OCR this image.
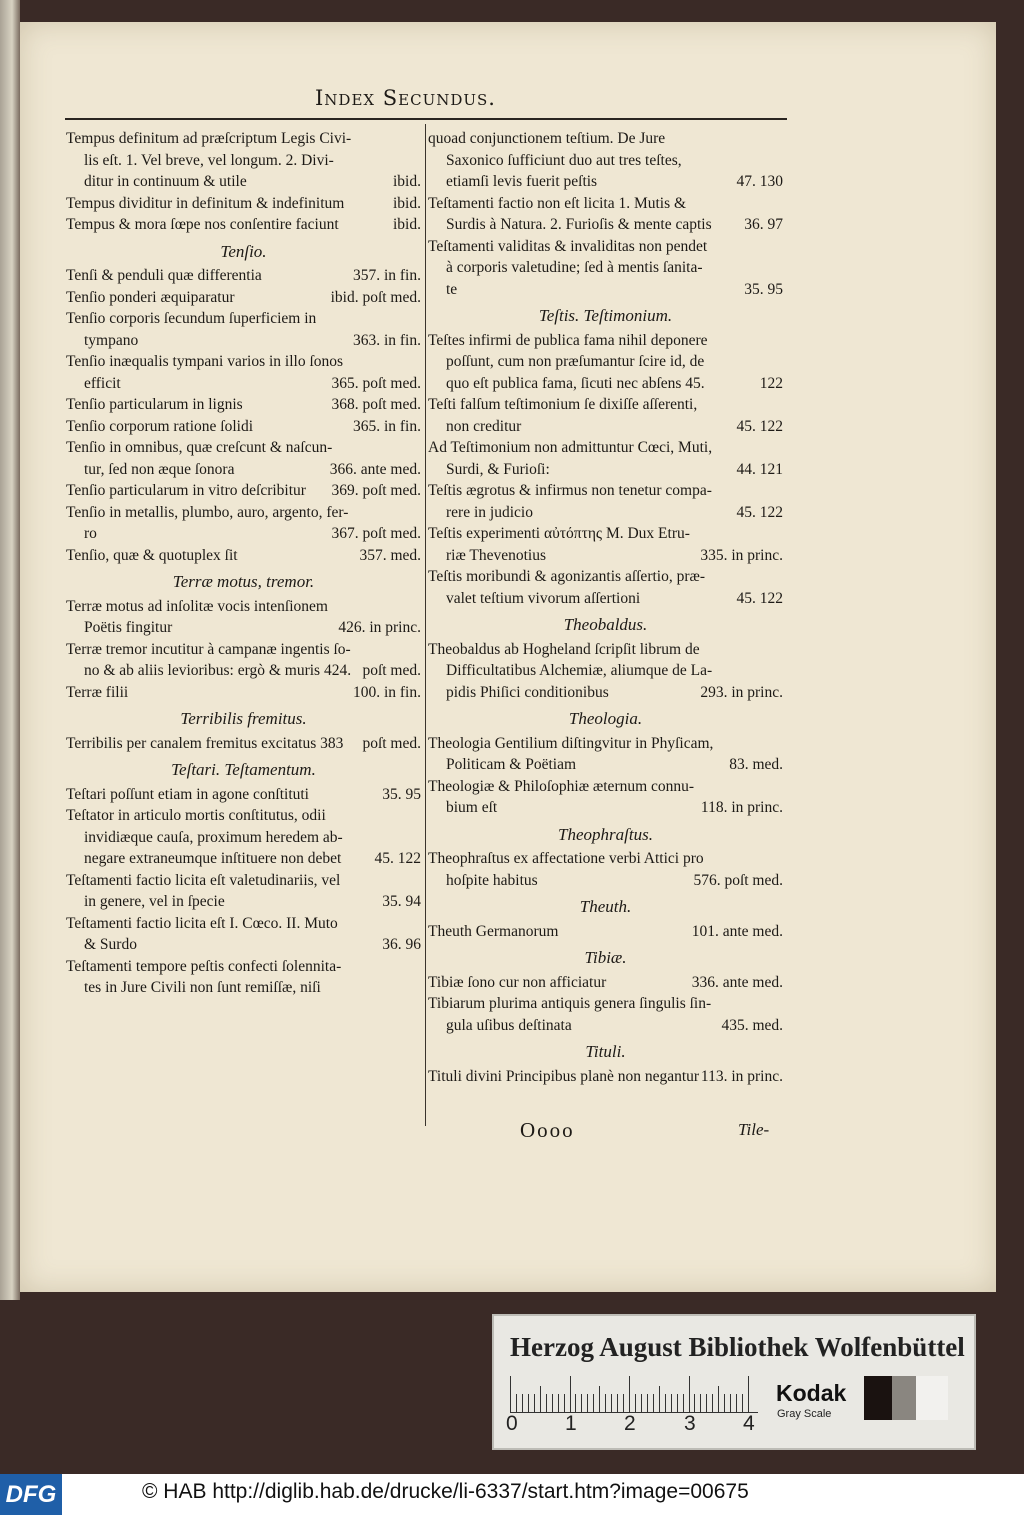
Index Secundus.
Tempus definitum ad præſcriptum Legis Civi-
lis eſt. 1. Vel breve, vel longum. 2. Divi-
ditur in continuum & utile	ibid.
Tempus dividitur in definitum & indefinitum	ibid.
Tempus & mora ſœpe nos conſentire faciunt	ibid.
Tenſio.
Tenſi & penduli quæ differentia	357. in fin.
Tenſio ponderi æquiparatur	ibid. poſt med.
Tenſio corporis ſecundum ſuperficiem in
tympano	363. in fin.
Tenſio inæqualis tympani varios in illo ſonos
efficit	365. poſt med.
Tenſio particularum in lignis	368. poſt med.
Tenſio corporum ratione ſolidi	365. in fin.
Tenſio in omnibus, quæ creſcunt & naſcun-
tur, ſed non æque ſonora	366. ante med.
Tenſio particularum in vitro deſcribitur 369. poſt med.
Tenſio in metallis, plumbo, auro, argento, fer-
ro	367. poſt med.
Tenſio, quæ & quotuplex ſit	357. med.
Terræ motus, tremor.
Terræ motus ad inſolitæ vocis intenſionem
Poëtis fingitur	426. in princ.
Terræ tremor incutitur à campanæ ingentis ſo-
no & ab aliis levioribus: ergò & muris 424. poſt med.
Terræ filii	100. in fin.
Terribilis fremitus.
Terribilis per canalem fremitus excitatus 383 poſt med.
Teſtari. Teſtamentum.
Teſtari poſſunt etiam in agone conſtituti	35. 95
Teſtator in articulo mortis conſtitutus, odii
invidiæque cauſa, proximum heredem ab-
negare extraneumque inſtituere non debet 45. 122
Teſtamenti factio licita eſt valetudinariis, vel
in genere, vel in ſpecie	35. 94
Teſtamenti factio licita eſt I. Cœco. II. Muto
& Surdo	36. 96
Teſtamenti tempore peſtis confecti ſolennita-
tes in Jure Civili non ſunt remiſſæ, niſi
quoad conjunctionem teſtium. De Jure
Saxonico ſufficiunt duo aut tres teſtes,
etiamſi levis fuerit peſtis	47. 130
Teſtamenti factio non eſt licita 1. Mutis &
Surdis à Natura. 2. Furioſis & mente captis 36. 97
Teſtamenti validitas & invaliditas non pendet
à corporis valetudine; ſed à mentis ſanita-
te	35. 95
Teſtis. Teſtimonium.
Teſtes infirmi de publica fama nihil deponere
poſſunt, cum non præſumantur ſcire id, de
quo eſt publica fama, ſicuti nec abſens 45.	122
Teſti falſum teſtimonium ſe dixiſſe aſſerenti,
non creditur	45. 122
Ad Teſtimonium non admittuntur Cœci, Muti,
Surdi, & Furioſi:	44. 121
Teſtis ægrotus & infirmus non tenetur compa-
rere in judicio	45. 122
Teſtis experimenti αὐτόπτης M. Dux Etru-
riæ Thevenotius	335. in princ.
Teſtis moribundi & agonizantis aſſertio, præ-
valet teſtium vivorum aſſertioni	45. 122
Theobaldus.
Theobaldus ab Hogheland ſcripſit librum de
Difficultatibus Alchemiæ, aliumque de La-
pidis Phiſici conditionibus	293. in princ.
Theologia.
Theologia Gentilium diſtingvitur in Phyſicam,
Politicam & Poëtiam	83. med.
Theologiæ & Philoſophiæ æternum connu-
bium eſt	118. in princ.
Theophraſtus.
Theophraſtus ex affectatione verbi Attici pro
hoſpite habitus	576. poſt med.
Theuth.
Theuth Germanorum	101. ante med.
Tibiæ.
Tibiæ ſono cur non afficiatur	336. ante med.
Tibiarum plurima antiquis genera ſingulis ſin-
gula uſibus deſtinata	435. med.
Tituli.
Tituli divini Principibus planè non negantur 113. in princ.
Oooo	Tile-
Herzog August Bibliothek Wolfenbüttel
0 1 2 3 4
Kodak
Gray Scale
DFG	© HAB http://diglib.hab.de/drucke/li-6337/start.htm?image=00675
